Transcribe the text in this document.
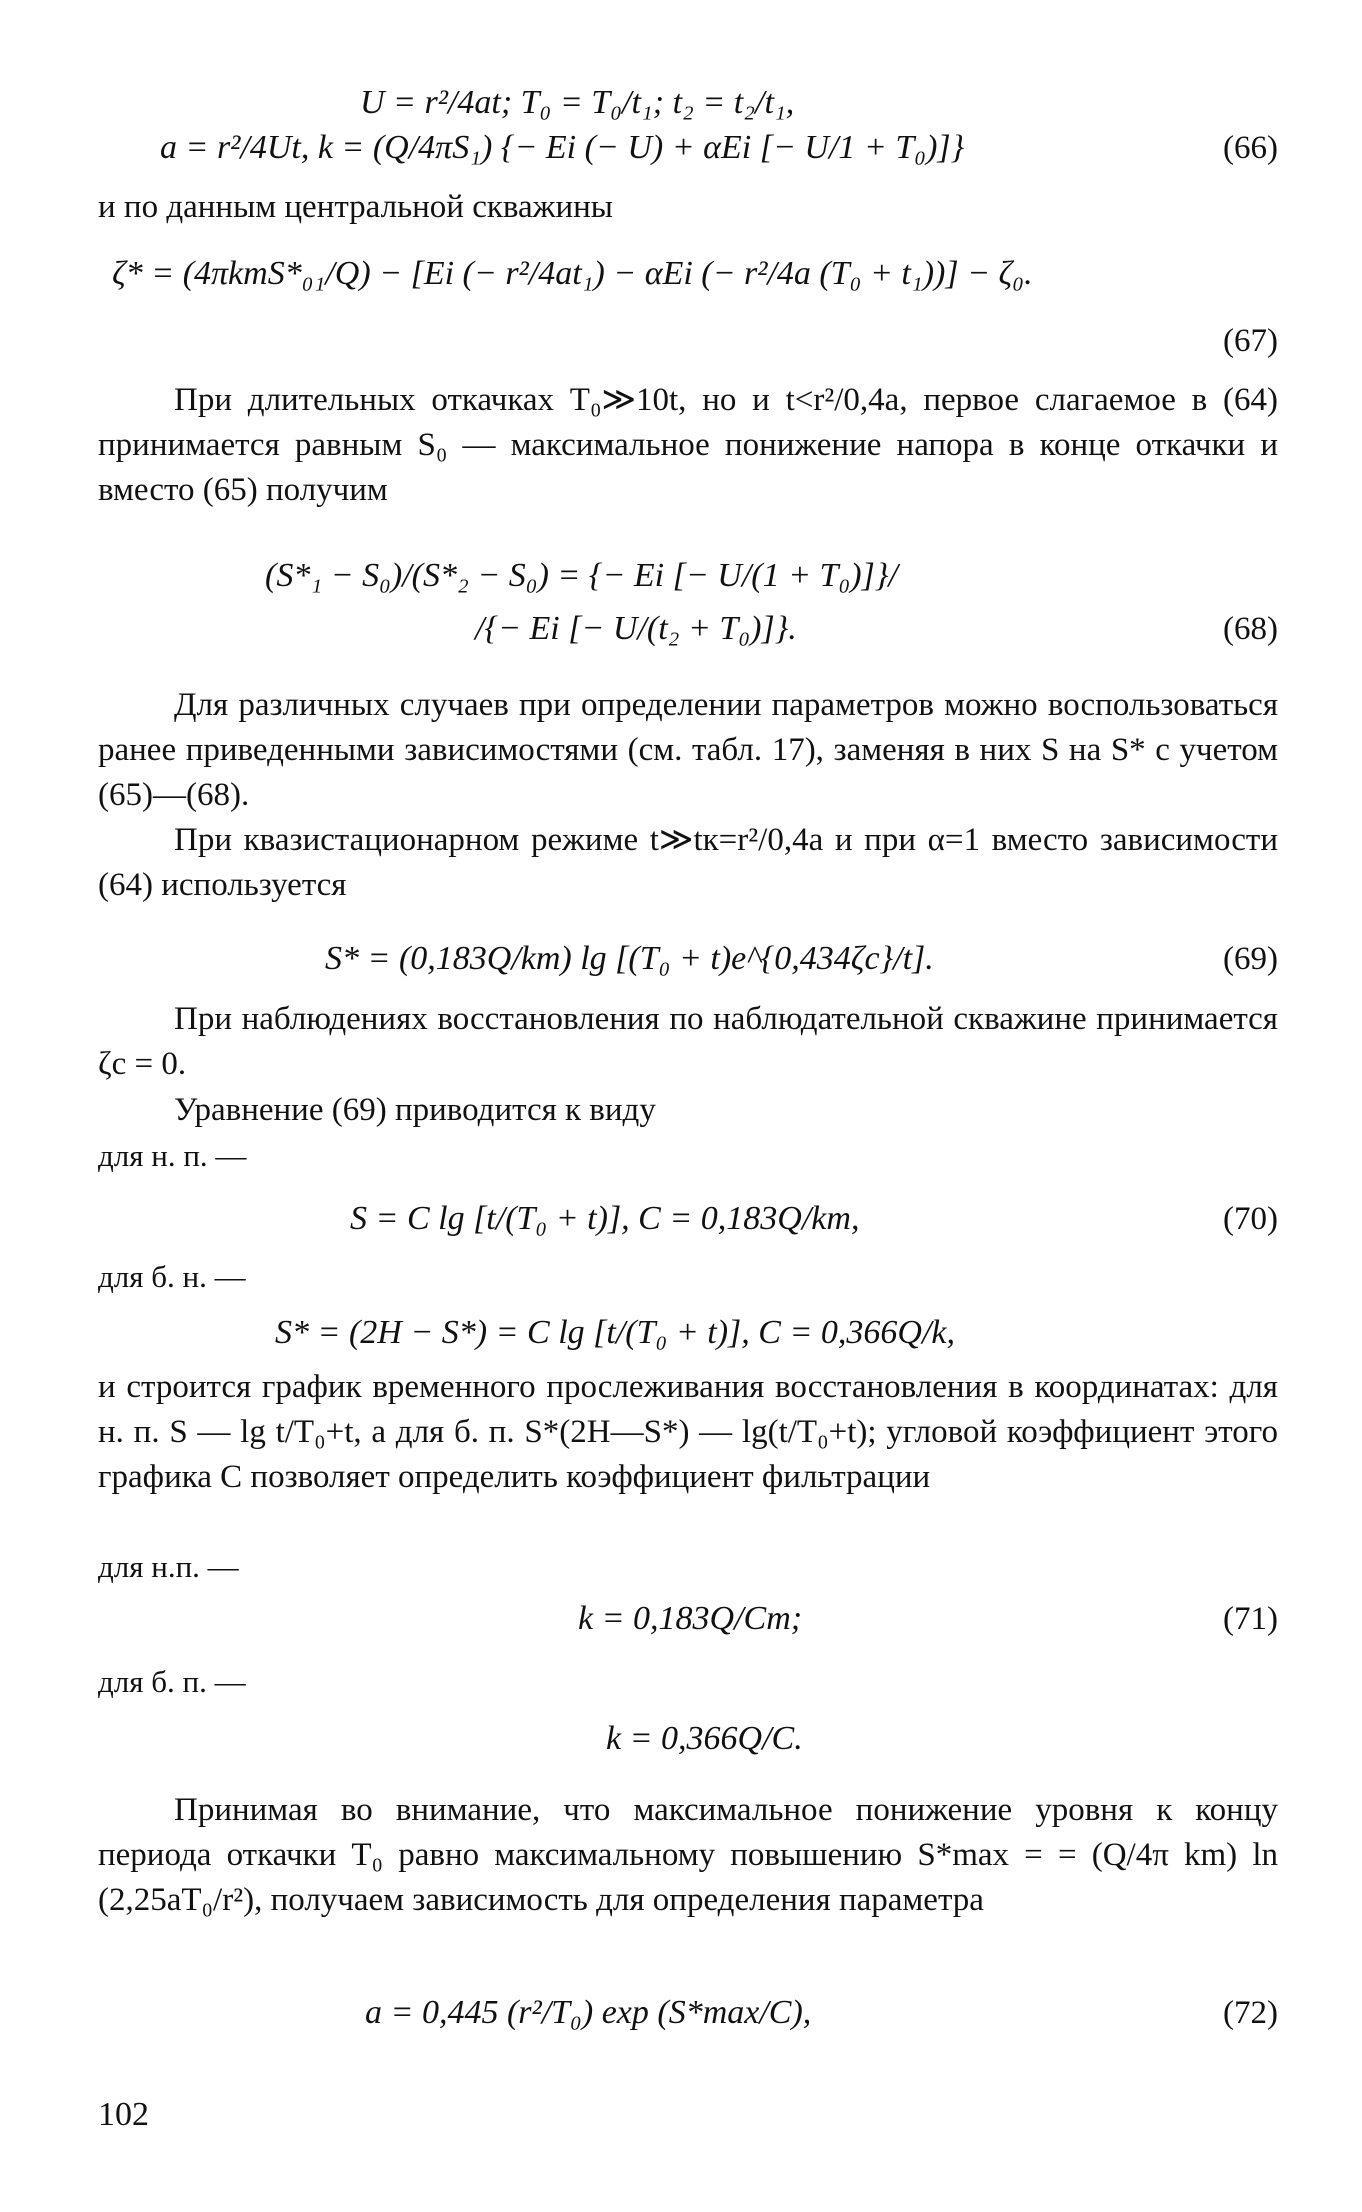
U = r²/4at; T₀ = T₀/t₁; t₂ = t₂/t₁,
a = r²/4Ut, k = (Q/4πS₁) {− Ei (− U) + αEi [− U/1 + T₀)]}	(66)
и по данным центральной скважины
ζ* = (4πkmS*₀₁/Q) − [Ei (− r²/4at₁) − αEi (− r²/4a (T₀ + t₁))] − ζ₀.
(67)
При длительных откачках T₀≫10t, но и t<r²/0,4a, первое слагаемое в (64) принимается равным S₀ — максимальное понижение напора в конце откачки и вместо (65) получим
(S*₁ − S₀)/(S*₂ − S₀) = {− Ei [− U/(1 + T₀)]}/
/{− Ei [− U/(t₂ + T₀)]}.	(68)
Для различных случаев при определении параметров можно воспользоваться ранее приведенными зависимостями (см. табл. 17), заменяя в них S на S* с учетом (65)—(68).
При квазистационарном режиме t≫tк=r²/0,4a и при α=1 вместо зависимости (64) используется
S* = (0,183Q/km) lg [(T₀ + t)e^{0,434ζc}/t].	(69)
При наблюдениях восстановления по наблюдательной скважине принимается ζc = 0.
Уравнение (69) приводится к виду
для н. п. —
S = C lg [t/(T₀ + t)], C = 0,183Q/km,	(70)
для б. н. —
S* = (2H − S*) = C lg [t/(T₀ + t)], C = 0,366Q/k,
и строится график временного прослеживания восстановления в координатах: для н. п. S — lg t/T₀+t, а для б. п. S*(2H—S*) — lg(t/T₀+t); угловой коэффициент этого графика C позволяет определить коэффициент фильтрации
для н.п. —
k = 0,183Q/Cm;	(71)
для б. п. —
k = 0,366Q/C.
Принимая во внимание, что максимальное понижение уровня к концу периода откачки T₀ равно максимальному повышению S*max = = (Q/4π km) ln (2,25aT₀/r²), получаем зависимость для определения параметра
a = 0,445 (r²/T₀) exp (S*max/C),	(72)
102
